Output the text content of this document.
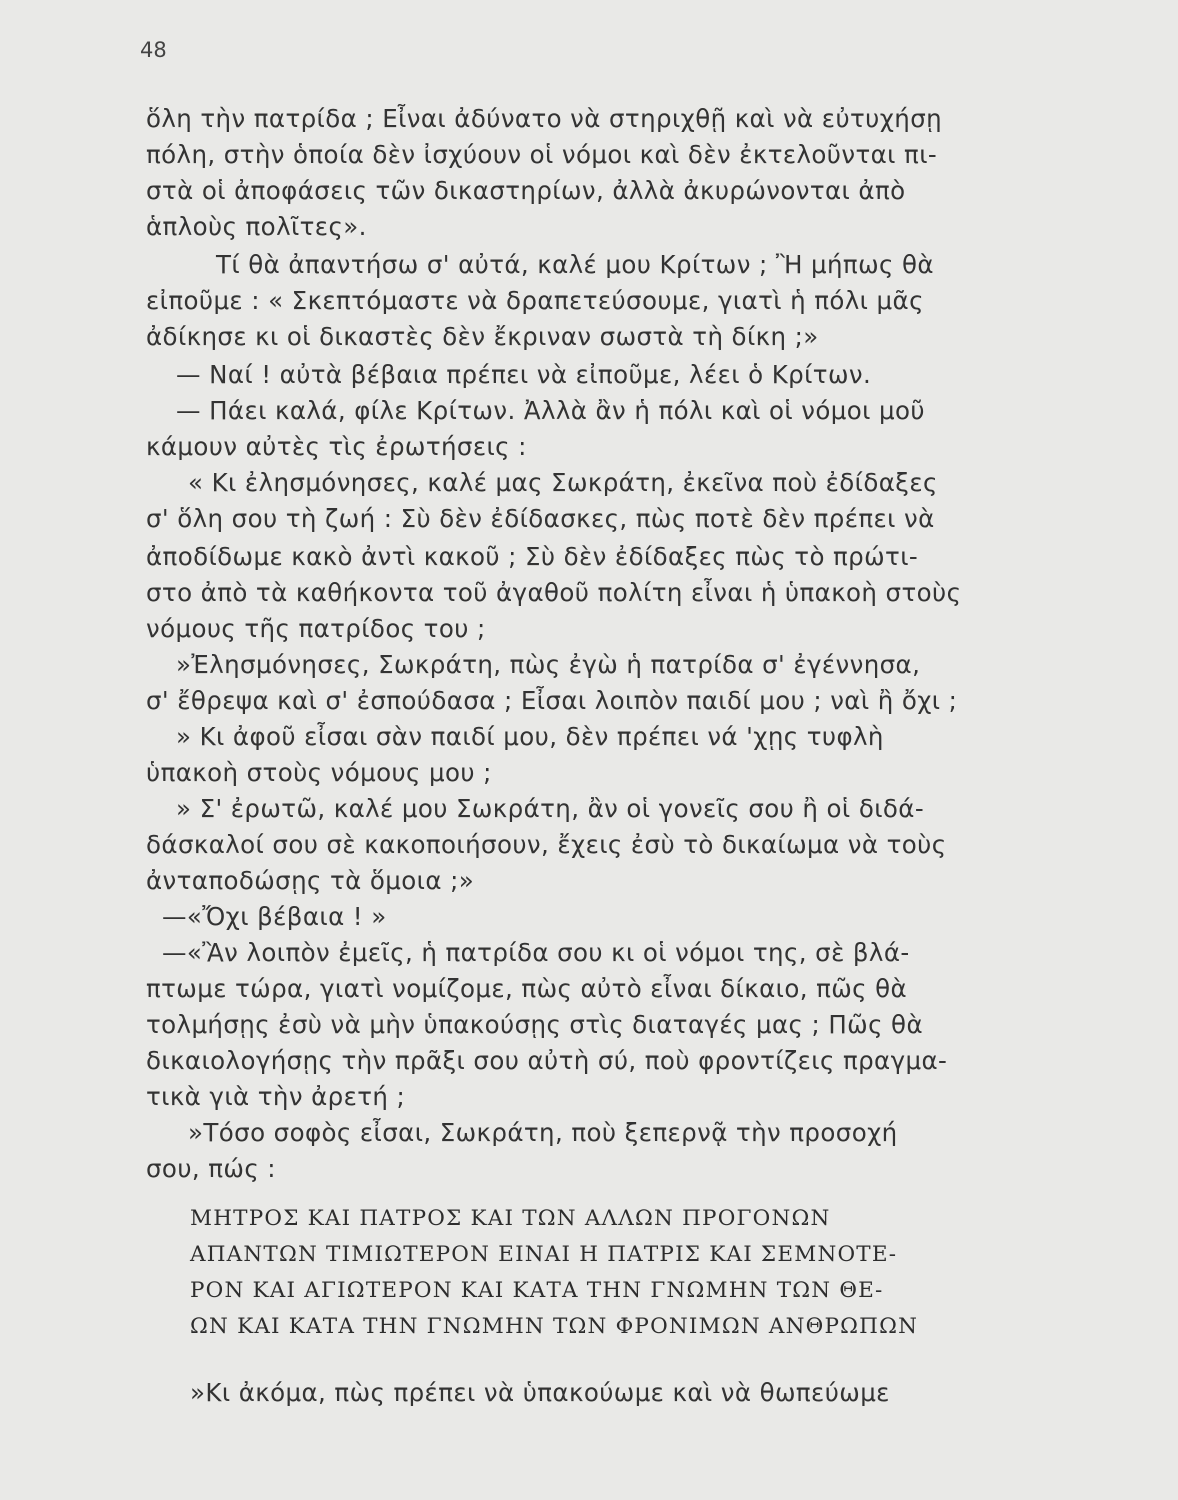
48
ὅλη τὴν πατρίδα ; Εἶναι ἀδύνατο νὰ στηριχθῇ καὶ νὰ εὐτυχήσῃ
πόλη, στὴν ὁποία δὲν ἰσχύουν οἱ νόμοι καὶ δὲν ἐκτελοῦνται πι-
στὰ οἱ ἀποφάσεις τῶν δικαστηρίων, ἀλλὰ ἀκυρώνονται ἀπὸ
ἁπλοὺς πολῖτες».
Τί θὰ ἀπαντήσω σ' αὐτά, καλέ μου Κρίτων ; Ἢ μήπως θὰ
εἰποῦμε : « Σκεπτόμαστε νὰ δραπετεύσουμε, γιατὶ ἡ πόλι μᾶς
ἀδίκησε κι οἱ δικαστὲς δὲν ἔκριναν σωστὰ τὴ δίκη ;»
— Ναί ! αὐτὰ βέβαια πρέπει νὰ εἰποῦμε, λέει ὁ Κρίτων.
— Πάει καλά, φίλε Κρίτων. Ἀλλὰ ἂν ἡ πόλι καὶ οἱ νόμοι μοῦ
κάμουν αὐτὲς τὶς ἐρωτήσεις :
« Κι ἐλησμόνησες, καλέ μας Σωκράτη, ἐκεῖνα ποὺ ἐδίδαξες
σ' ὅλη σου τὴ ζωή : Σὺ δὲν ἐδίδασκες, πὼς ποτὲ δὲν πρέπει νὰ
ἀποδίδωμε κακὸ ἀντὶ κακοῦ ; Σὺ δὲν ἐδίδαξες πὼς τὸ πρώτι-
στο ἀπὸ τὰ καθήκοντα τοῦ ἀγαθοῦ πολίτη εἶναι ἡ ὑπακοὴ στοὺς
νόμους τῆς πατρίδος του ;
»Ἐλησμόνησες, Σωκράτη, πὼς ἐγὼ ἡ πατρίδα σ' ἐγέννησα,
σ' ἔθρεψα καὶ σ' ἐσπούδασα ; Εἶσαι λοιπὸν παιδί μου ; ναὶ ἢ ὄχι ;
» Κι ἀφοῦ εἶσαι σὰν παιδί μου, δὲν πρέπει νά 'χῃς τυφλὴ
ὑπακοὴ στοὺς νόμους μου ;
» Σ' ἐρωτῶ, καλέ μου Σωκράτη, ἂν οἱ γονεῖς σου ἢ οἱ διδά-
δάσκαλοί σου σὲ κακοποιήσουν, ἔχεις ἐσὺ τὸ δικαίωμα νὰ τοὺς
ἀνταποδώσῃς τὰ ὅμοια ;»
—«Ὄχι βέβαια ! »
—«Ἂν λοιπὸν ἐμεῖς, ἡ πατρίδα σου κι οἱ νόμοι της, σὲ βλά-
πτωμε τώρα, γιατὶ νομίζομε, πὼς αὐτὸ εἶναι δίκαιο, πῶς θὰ
τολμήσῃς ἐσὺ νὰ μὴν ὑπακούσῃς στὶς διαταγές μας ; Πῶς θὰ
δικαιολογήσῃς τὴν πρᾶξι σου αὐτὴ σύ, ποὺ φροντίζεις πραγμα-
τικὰ γιὰ τὴν ἀρετή ;
»Τόσο σοφὸς εἶσαι, Σωκράτη, ποὺ ξεπερνᾷ τὴν προσοχή
σου, πώς :
ΜΗΤΡΟΣ ΚΑΙ ΠΑΤΡΟΣ ΚΑΙ ΤΩΝ ΑΛΛΩΝ ΠΡΟΓΟΝΩΝ
ΑΠΑΝΤΩΝ ΤΙΜΙΩΤΕΡΟΝ ΕΙΝΑΙ Η ΠΑΤΡΙΣ ΚΑΙ ΣΕΜΝΟΤΕ-
ΡΟΝ ΚΑΙ ΑΓΙΩΤΕΡΟΝ ΚΑΙ ΚΑΤΑ ΤΗΝ ΓΝΩΜΗΝ ΤΩΝ ΘΕ-
ΩΝ ΚΑΙ ΚΑΤΑ ΤΗΝ ΓΝΩΜΗΝ ΤΩΝ ΦΡΟΝΙΜΩΝ ΑΝΘΡΩΠΩΝ
»Κι ἀκόμα, πὼς πρέπει νὰ ὑπακούωμε καὶ νὰ θωπεύωμε
